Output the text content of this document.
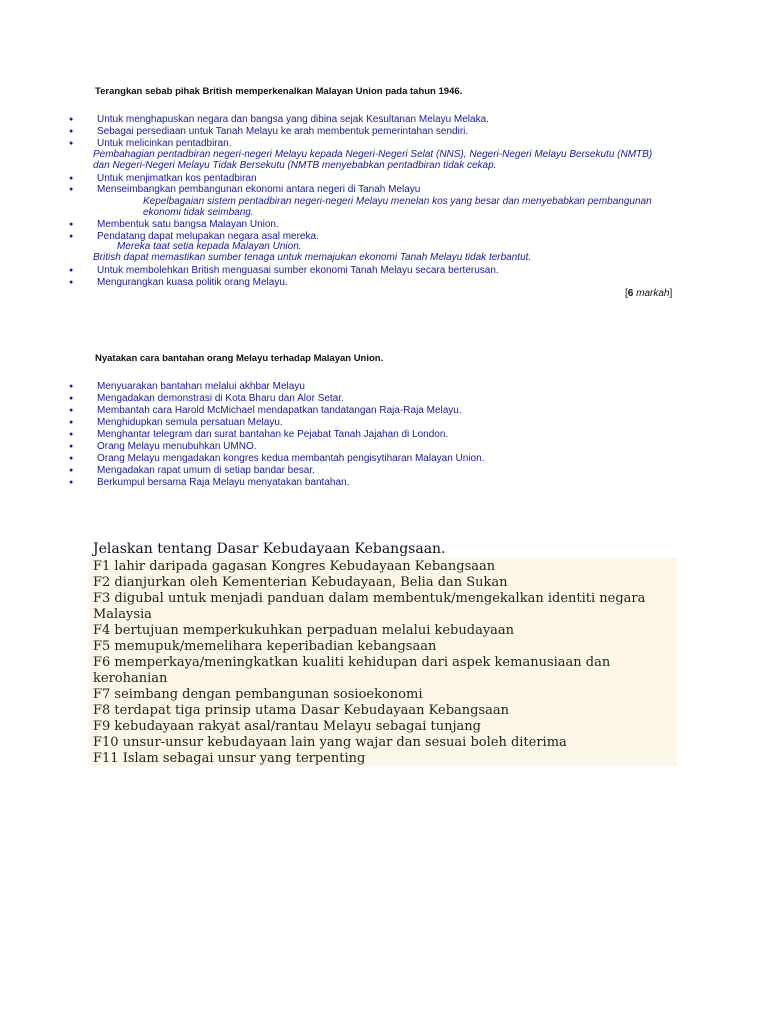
Terangkan sebab pihak British memperkenalkan Malayan Union pada tahun 1946.
● Untuk menghapuskan negara dan bangsa yang dibina sejak Kesultanan Melayu Melaka.
● Sebagai persediaan untuk Tanah Melayu ke arah membentuk pemerintahan sendiri.
● Untuk melicinkan pentadbiran.
Pembahagian pentadbiran negeri-negeri Melayu kepada Negeri-Negeri Selat (NNS), Negeri-Negeri Melayu Bersekutu (NMTB)
dan Negeri-Negeri Melayu Tidak Bersekutu (NMTB menyebabkan pentadbiran tidak cekap.
● Untuk menjimatkan kos pentadbiran
● Menseimbangkan pembangunan ekonomi antara negeri di Tanah Melayu
Kepelbagaian sistem pentadbiran negeri-negeri Melayu menelan kos yang besar dan menyebabkan pembangunan
ekonomi tidak seimbang.
● Membentuk satu bangsa Malayan Union.
● Pendatang dapat melupakan negara asal mereka.
Mereka taat setia kepada Malayan Union.
British dapat memastikan sumber tenaga untuk memajukan ekonomi Tanah Melayu tidak terbantut.
● Untuk membolehkan British menguasai sumber ekonomi Tanah Melayu secara berterusan.
● Mengurangkan kuasa politik orang Melayu.
[6 markah]
Nyatakan cara bantahan orang Melayu terhadap Malayan Union.
● Menyuarakan bantahan melalui akhbar Melayu
● Mengadakan demonstrasi di Kota Bharu dan Alor Setar.
● Membantah cara Harold McMichael mendapatkan tandatangan Raja-Raja Melayu.
● Menghidupkan semula persatuan Melayu.
● Menghantar telegram dan surat bantahan ke Pejabat Tanah Jajahan di London.
● Orang Melayu menubuhkan UMNO.
● Orang Melayu mengadakan kongres kedua membantah pengisytiharan Malayan Union.
● Mengadakan rapat umum di setiap bandar besar.
● Berkumpul bersama Raja Melayu menyatakan bantahan.
Jelaskan tentang Dasar Kebudayaan Kebangsaan.
F1 lahir daripada gagasan Kongres Kebudayaan Kebangsaan
F2 dianjurkan oleh Kementerian Kebudayaan, Belia dan Sukan
F3 digubal untuk menjadi panduan dalam membentuk/mengekalkan identiti negara
Malaysia
F4 bertujuan memperkukuhkan perpaduan melalui kebudayaan
F5 memupuk/memelihara keperibadian kebangsaan
F6 memperkaya/meningkatkan kualiti kehidupan dari aspek kemanusiaan dan
kerohanian
F7 seimbang dengan pembangunan sosioekonomi
F8 terdapat tiga prinsip utama Dasar Kebudayaan Kebangsaan
F9 kebudayaan rakyat asal/rantau Melayu sebagai tunjang
F10 unsur-unsur kebudayaan lain yang wajar dan sesuai boleh diterima
F11 Islam sebagai unsur yang terpenting
